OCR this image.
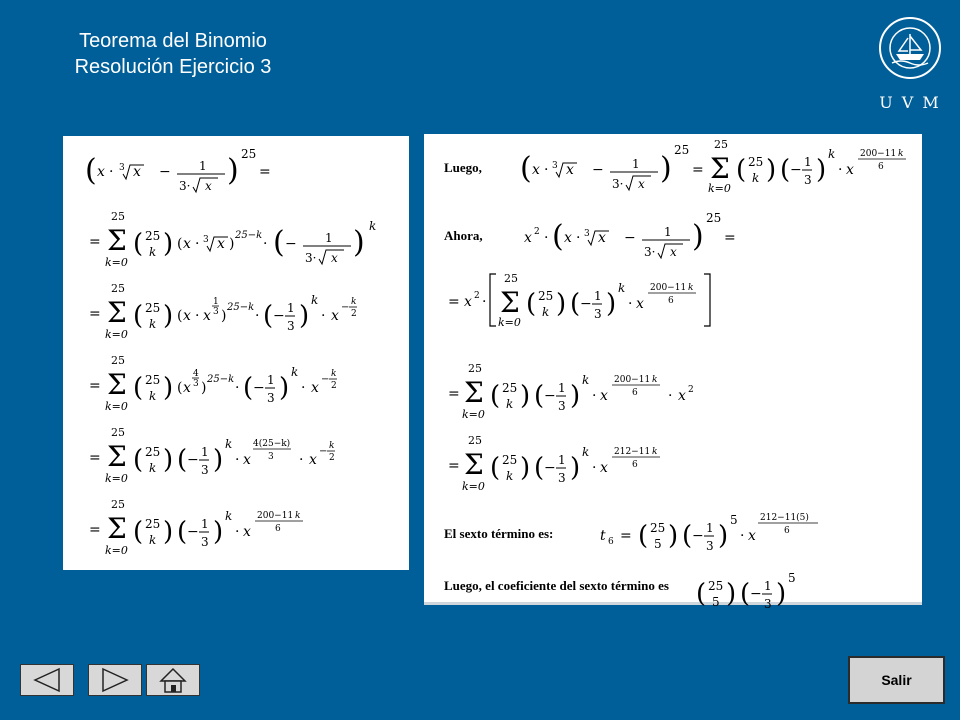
Teorema del Binomio
Resolución Ejercicio 3
U V M
( x · 3 x − 1
3· x ) 25
=
=
25
Σ
k=0
( 25
k ) ( x · 3 x )
25−k
· ( − 1
3· x ) k
=
25
Σ
k=0
( 25
k ) ( x · x
1
3 )
25−k
· ( − 1
3 )
k
· x
− k
2
=
25
Σ
k=0
( 25
k ) ( x
4
3 )
25−k
· ( − 1
3 )
k
· x
− k
2
=
25
Σ
k=0
( 25
k ) ( − 1
3 )
k
· x
4(25−k)
3 · x
− k
2
=
25
Σ
k=0
( 25
k ) ( − 1
3 )
k
· x
200−11 k
6
Luego,
Ahora,
El sexto término es:
Luego, el coeficiente del sexto término es
( x · 3 x − 1
3· x )
25
=
25
Σ
k=0
( 25
k ) ( − 1
3 )
k
· x
200−11 k
6
x 2 · ( x · 3 x − 1
3· x )
25
=
= x 2 ·
25
Σ
k=0
( 25
k ) ( − 1
3 )
k
· x
200−11 k
6
=
25
Σ
k=0
( 25
k ) ( − 1
3 )
k
· x
200−11 k
6 · x 2
=
25
Σ
k=0
( 25
k ) ( − 1
3 )
k
· x
212−11 k
6
t 6 = ( 25
5 ) ( − 1
3 )
5
· x
212−11(5)
6
( 25
5 ) ( − 1
3 )
5
Salir
